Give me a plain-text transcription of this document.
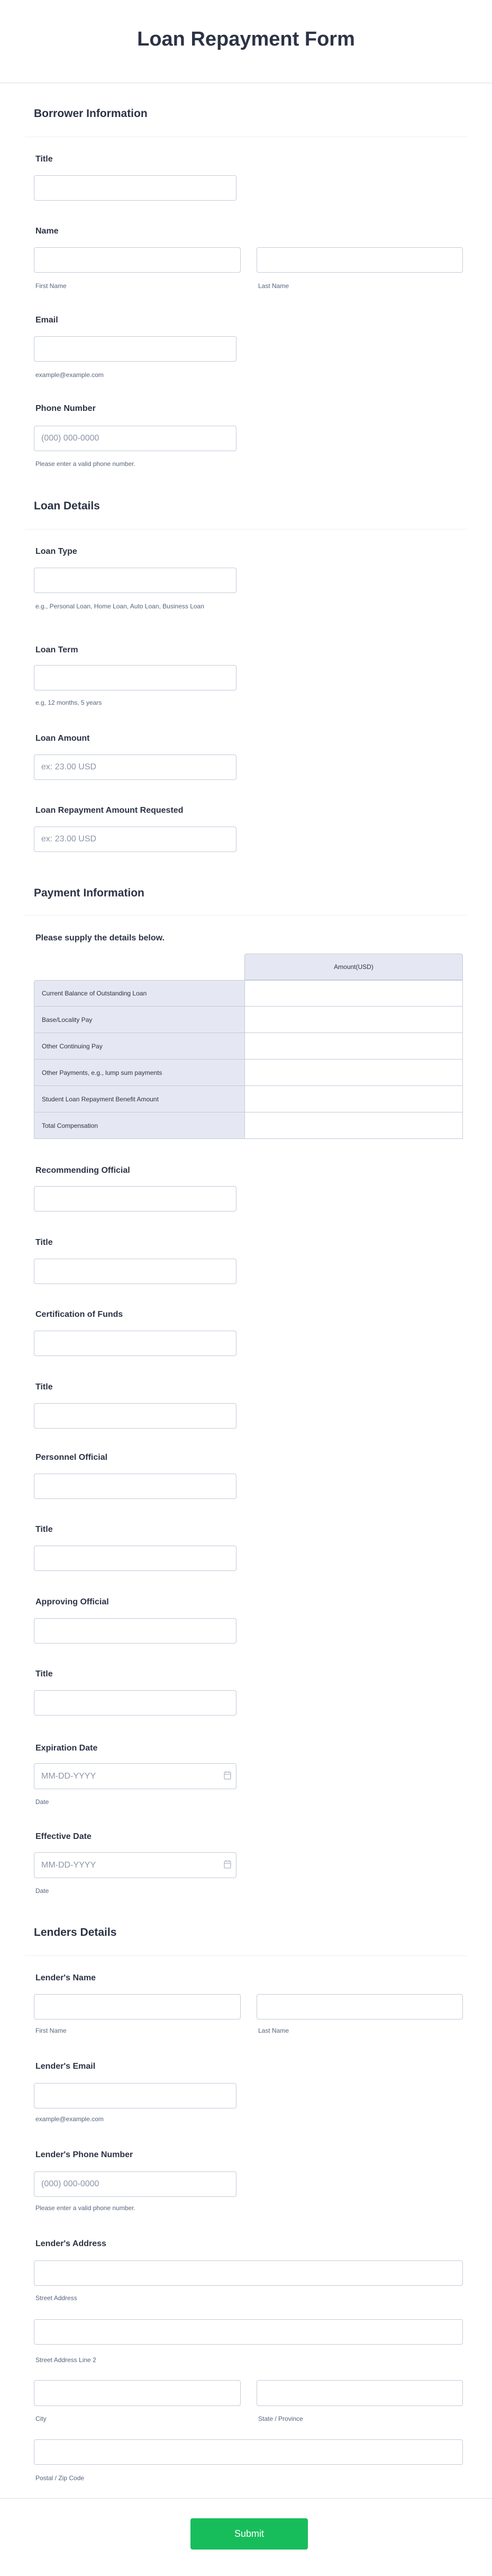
Loan Repayment Form
Borrower Information
Title
Name
First Name	Last Name
Email
example@example.com
Phone Number
(000) 000-0000
Please enter a valid phone number.
Loan Details
Loan Type
e.g., Personal Loan, Home Loan, Auto Loan, Business Loan
Loan Term
e.g, 12 months, 5 years
Loan Amount
ex: 23.00 USD
Loan Repayment Amount Requested
ex: 23.00 USD
Payment Information
Please supply the details below.
	Amount(USD)
Current Balance of Outstanding Loan	
Base/Locality Pay	
Other Continuing Pay	
Other Payments, e.g., lump sum payments	
Student Loan Repayment Benefit Amount	
Total Compensation	
Recommending Official
Title
Certification of Funds
Title
Personnel Official
Title
Approving Official
Title
Expiration Date
MM-DD-YYYY
Date
Effective Date
MM-DD-YYYY
Date
Lenders Details
Lender's Name
First Name	Last Name
Lender's Email
example@example.com
Lender's Phone Number
(000) 000-0000
Please enter a valid phone number.
Lender's Address
Street Address
Street Address Line 2
City	State / Province
Postal / Zip Code
Submit
